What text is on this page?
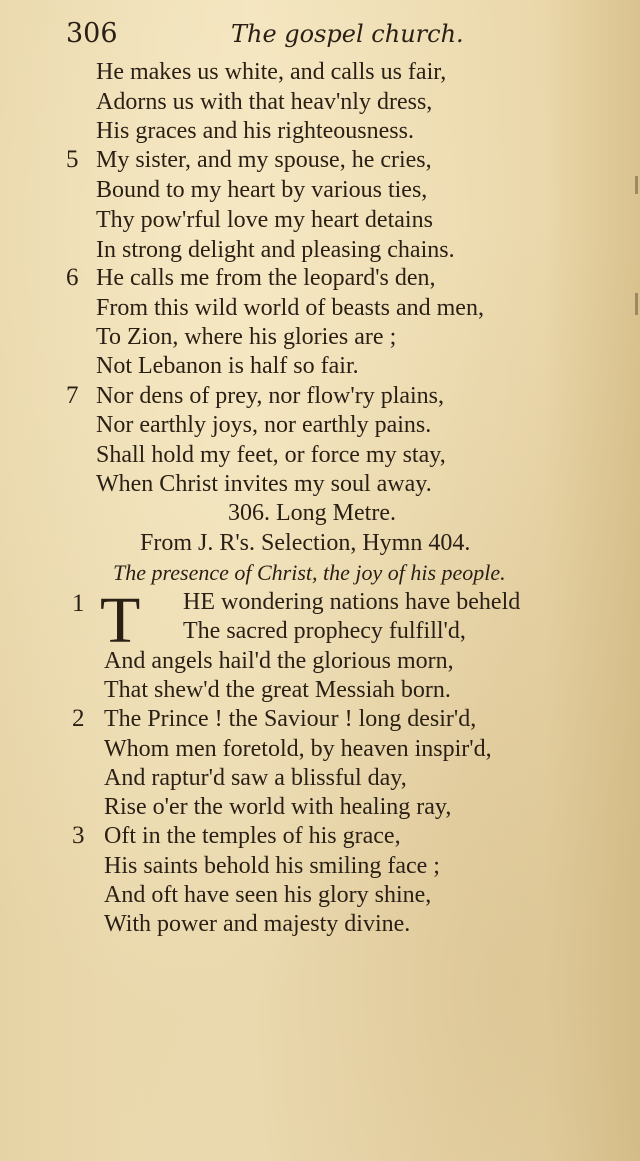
306	The gospel church.
He makes us white, and calls us fair,
Adorns us with that heav'nly dress,
His graces and his righteousness.
5 My sister, and my spouse, he cries,
Bound to my heart by various ties,
Thy pow'rful love my heart detains
In strong delight and pleasing chains.
6 He calls me from the leopard's den,
From this wild world of beasts and men,
To Zion, where his glories are ;
Not Lebanon is half so fair.
7 Nor dens of prey, nor flow'ry plains,
Nor earthly joys, nor earthly pains.
Shall hold my feet, or force my stay,
When Christ invites my soul away.
306. Long Metre.
From J. R's. Selection, Hymn 404.
The presence of Christ, the joy of his people.
1 T HE wondering nations have beheld
The sacred prophecy fulfill'd,
And angels hail'd the glorious morn,
That shew'd the great Messiah born.
2 The Prince ! the Saviour ! long desir'd,
Whom men foretold, by heaven inspir'd,
And raptur'd saw a blissful day,
Rise o'er the world with healing ray,
3 Oft in the temples of his grace,
His saints behold his smiling face ;
And oft have seen his glory shine,
With power and majesty divine.
